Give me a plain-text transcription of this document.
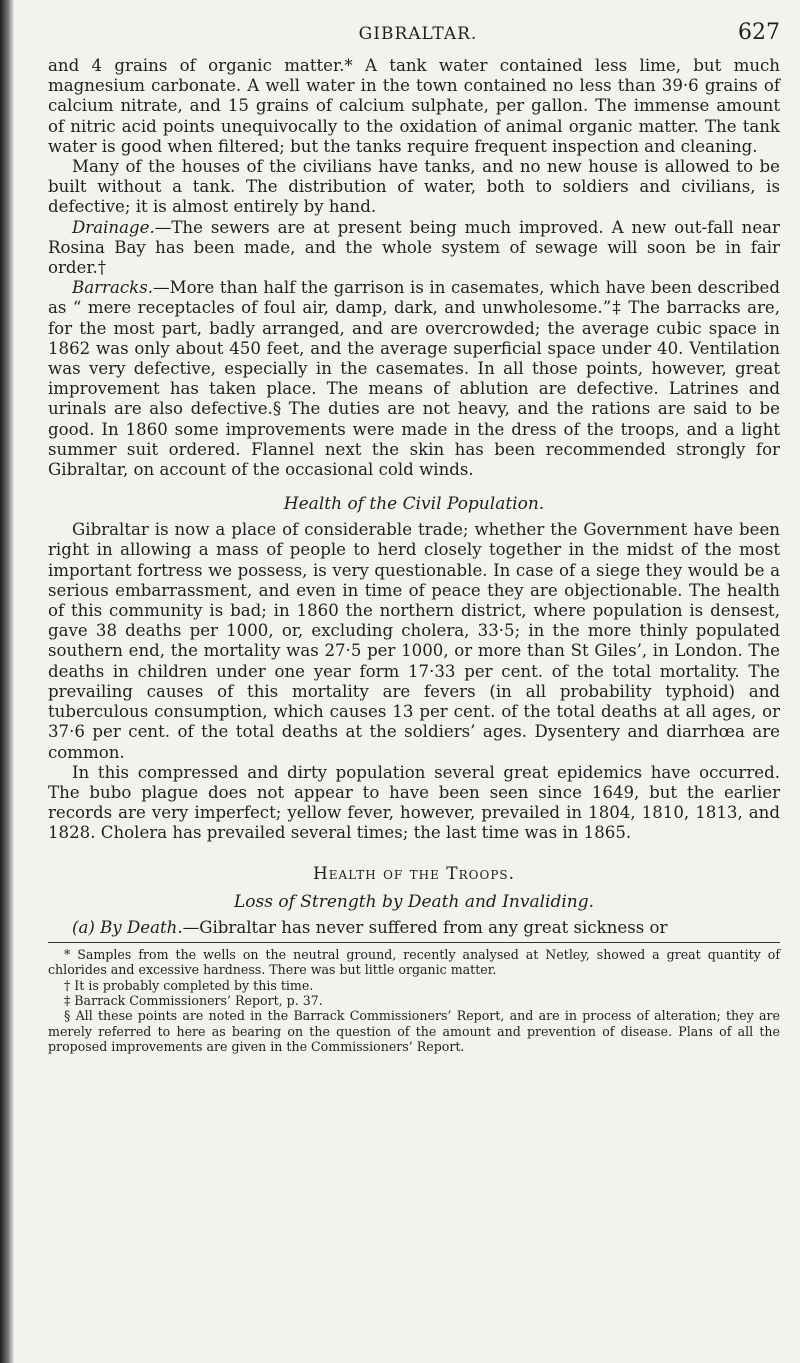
GIBRALTAR.	627

and 4 grains of organic matter.* A tank water contained less lime, but much magnesium carbonate. A well water in the town contained no less than 39·6 grains of calcium nitrate, and 15 grains of calcium sulphate, per gallon. The immense amount of nitric acid points unequivocally to the oxidation of animal organic matter. The tank water is good when filtered; but the tanks require frequent inspection and cleaning.

Many of the houses of the civilians have tanks, and no new house is allowed to be built without a tank. The distribution of water, both to soldiers and civilians, is defective; it is almost entirely by hand.

Drainage.—The sewers are at present being much improved. A new out-fall near Rosina Bay has been made, and the whole system of sewage will soon be in fair order.†

Barracks.—More than half the garrison is in casemates, which have been described as “ mere receptacles of foul air, damp, dark, and unwholesome.”‡ The barracks are, for the most part, badly arranged, and are overcrowded; the average cubic space in 1862 was only about 450 feet, and the average superficial space under 40. Ventilation was very defective, especially in the casemates. In all those points, however, great improvement has taken place. The means of ablution are defective. Latrines and urinals are also defective.§ The duties are not heavy, and the rations are said to be good. In 1860 some improvements were made in the dress of the troops, and a light summer suit ordered. Flannel next the skin has been recommended strongly for Gibraltar, on account of the occasional cold winds.

Health of the Civil Population.

Gibraltar is now a place of considerable trade; whether the Government have been right in allowing a mass of people to herd closely together in the midst of the most important fortress we possess, is very questionable. In case of a siege they would be a serious embarrassment, and even in time of peace they are objectionable. The health of this community is bad; in 1860 the northern district, where population is densest, gave 38 deaths per 1000, or, excluding cholera, 33·5; in the more thinly populated southern end, the mortality was 27·5 per 1000, or more than St Giles’, in London. The deaths in children under one year form 17·33 per cent. of the total mortality. The prevailing causes of this mortality are fevers (in all probability typhoid) and tuberculous consumption, which causes 13 per cent. of the total deaths at all ages, or 37·6 per cent. of the total deaths at the soldiers’ ages. Dysentery and diarrhœa are common.

In this compressed and dirty population several great epidemics have occurred. The bubo plague does not appear to have been seen since 1649, but the earlier records are very imperfect; yellow fever, however, prevailed in 1804, 1810, 1813, and 1828. Cholera has prevailed several times; the last time was in 1865.

Health of the Troops.
Loss of Strength by Death and Invaliding.

(a) By Death.—Gibraltar has never suffered from any great sickness or

* Samples from the wells on the neutral ground, recently analysed at Netley, showed a great quantity of chlorides and excessive hardness. There was but little organic matter.

† It is probably completed by this time.

‡ Barrack Commissioners’ Report, p. 37.

§ All these points are noted in the Barrack Commissioners’ Report, and are in process of alteration; they are merely referred to here as bearing on the question of the amount and prevention of disease. Plans of all the proposed improvements are given in the Commissioners’ Report.
